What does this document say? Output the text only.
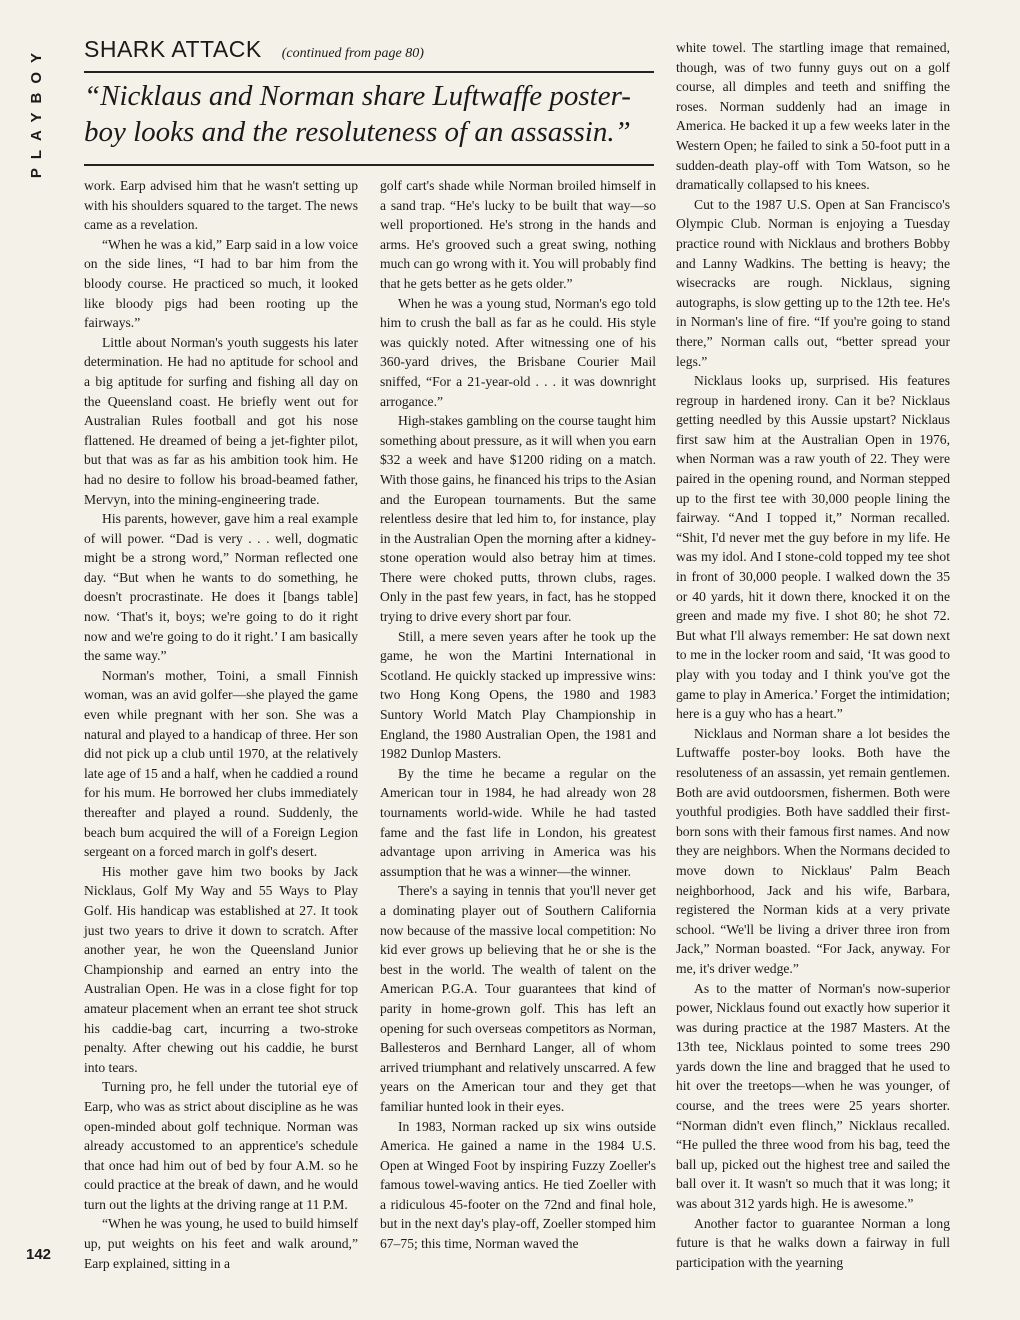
PLAYBOY SHARK ATTACK (continued from page 80)
“Nicklaus and Norman share Luftwaffe poster-boy looks and the resoluteness of an assassin.”

work. Earp advised him that he wasn't setting up with his shoulders squared to the target. The news came as a revelation.

“When he was a kid,” Earp said in a low voice on the side lines, “I had to bar him from the bloody course. He practiced so much, it looked like bloody pigs had been rooting up the fairways.”

Little about Norman's youth suggests his later determination. He had no aptitude for school and a big aptitude for surfing and fishing all day on the Queensland coast. He briefly went out for Australian Rules football and got his nose flattened. He dreamed of being a jet-fighter pilot, but that was as far as his ambition took him. He had no desire to follow his broad-beamed father, Mervyn, into the mining-engineering trade.

His parents, however, gave him a real example of will power. “Dad is very . . . well, dogmatic might be a strong word,” Norman reflected one day. “But when he wants to do something, he doesn't procrastinate. He does it [bangs table] now. ‘That's it, boys; we're going to do it right now and we're going to do it right.’ I am basically the same way.”

Norman's mother, Toini, a small Finnish woman, was an avid golfer—she played the game even while pregnant with her son. She was a natural and played to a handicap of three. Her son did not pick up a club until 1970, at the relatively late age of 15 and a half, when he caddied a round for his mum. He borrowed her clubs immediately thereafter and played a round. Suddenly, the beach bum acquired the will of a Foreign Legion sergeant on a forced march in golf's desert.

His mother gave him two books by Jack Nicklaus, Golf My Way and 55 Ways to Play Golf. His handicap was established at 27. It took just two years to drive it down to scratch. After another year, he won the Queensland Junior Championship and earned an entry into the Australian Open. He was in a close fight for top amateur placement when an errant tee shot struck his caddie-bag cart, incurring a two-stroke penalty. After chewing out his caddie, he burst into tears.

Turning pro, he fell under the tutorial eye of Earp, who was as strict about discipline as he was open-minded about golf technique. Norman was already accustomed to an apprentice's schedule that once had him out of bed by four A.M. so he could practice at the break of dawn, and he would turn out the lights at the driving range at 11 P.M.

“When he was young, he used to build himself up, put weights on his feet and walk around,” Earp explained, sitting in a

golf cart's shade while Norman broiled himself in a sand trap. “He's lucky to be built that way—so well proportioned. He's strong in the hands and arms. He's grooved such a great swing, nothing much can go wrong with it. You will probably find that he gets better as he gets older.”

When he was a young stud, Norman's ego told him to crush the ball as far as he could. His style was quickly noted. After witnessing one of his 360-yard drives, the Brisbane Courier Mail sniffed, “For a 21-year-old . . . it was downright arrogance.”

High-stakes gambling on the course taught him something about pressure, as it will when you earn $32 a week and have $1200 riding on a match. With those gains, he financed his trips to the Asian and the European tournaments. But the same relentless desire that led him to, for instance, play in the Australian Open the morning after a kidney-stone operation would also betray him at times. There were choked putts, thrown clubs, rages. Only in the past few years, in fact, has he stopped trying to drive every short par four.

Still, a mere seven years after he took up the game, he won the Martini International in Scotland. He quickly stacked up impressive wins: two Hong Kong Opens, the 1980 and 1983 Suntory World Match Play Championship in England, the 1980 Australian Open, the 1981 and 1982 Dunlop Masters.

By the time he became a regular on the American tour in 1984, he had already won 28 tournaments world-wide. While he had tasted fame and the fast life in London, his greatest advantage upon arriving in America was his assumption that he was a winner—the winner.

There's a saying in tennis that you'll never get a dominating player out of Southern California now because of the massive local competition: No kid ever grows up believing that he or she is the best in the world. The wealth of talent on the American P.G.A. Tour guarantees that kind of parity in home-grown golf. This has left an opening for such overseas competitors as Norman, Ballesteros and Bernhard Langer, all of whom arrived triumphant and relatively unscarred. A few years on the American tour and they get that familiar hunted look in their eyes.

In 1983, Norman racked up six wins outside America. He gained a name in the 1984 U.S. Open at Winged Foot by inspiring Fuzzy Zoeller's famous towel-waving antics. He tied Zoeller with a ridiculous 45-footer on the 72nd and final hole, but in the next day's play-off, Zoeller stomped him 67–75; this time, Norman waved the

white towel. The startling image that remained, though, was of two funny guys out on a golf course, all dimples and teeth and sniffing the roses. Norman suddenly had an image in America. He backed it up a few weeks later in the Western Open; he failed to sink a 50-foot putt in a sudden-death play-off with Tom Watson, so he dramatically collapsed to his knees.

Cut to the 1987 U.S. Open at San Francisco's Olympic Club. Norman is enjoying a Tuesday practice round with Nicklaus and brothers Bobby and Lanny Wadkins. The betting is heavy; the wisecracks are rough. Nicklaus, signing autographs, is slow getting up to the 12th tee. He's in Norman's line of fire. “If you're going to stand there,” Norman calls out, “better spread your legs.”

Nicklaus looks up, surprised. His features regroup in hardened irony. Can it be? Nicklaus getting needled by this Aussie upstart? Nicklaus first saw him at the Australian Open in 1976, when Norman was a raw youth of 22. They were paired in the opening round, and Norman stepped up to the first tee with 30,000 people lining the fairway. “And I topped it,” Norman recalled. “Shit, I'd never met the guy before in my life. He was my idol. And I stone-cold topped my tee shot in front of 30,000 people. I walked down the 35 or 40 yards, hit it down there, knocked it on the green and made my five. I shot 80; he shot 72. But what I'll always remember: He sat down next to me in the locker room and said, ‘It was good to play with you today and I think you've got the game to play in America.’ Forget the intimidation; here is a guy who has a heart.”

Nicklaus and Norman share a lot besides the Luftwaffe poster-boy looks. Both have the resoluteness of an assassin, yet remain gentlemen. Both are avid outdoorsmen, fishermen. Both were youthful prodigies. Both have saddled their first-born sons with their famous first names. And now they are neighbors. When the Normans decided to move down to Nicklaus' Palm Beach neighborhood, Jack and his wife, Barbara, registered the Norman kids at a very private school. “We'll be living a driver three iron from Jack,” Norman boasted. “For Jack, anyway. For me, it's driver wedge.”

As to the matter of Norman's now-superior power, Nicklaus found out exactly how superior it was during practice at the 1987 Masters. At the 13th tee, Nicklaus pointed to some trees 290 yards down the line and bragged that he used to hit over the treetops—when he was younger, of course, and the trees were 25 years shorter. “Norman didn't even flinch,” Nicklaus recalled. “He pulled the three wood from his bag, teed the ball up, picked out the highest tree and sailed the ball over it. It wasn't so much that it was long; it was about 312 yards high. He is awesome.”

Another factor to guarantee Norman a long future is that he walks down a fairway in full participation with the yearning

142
